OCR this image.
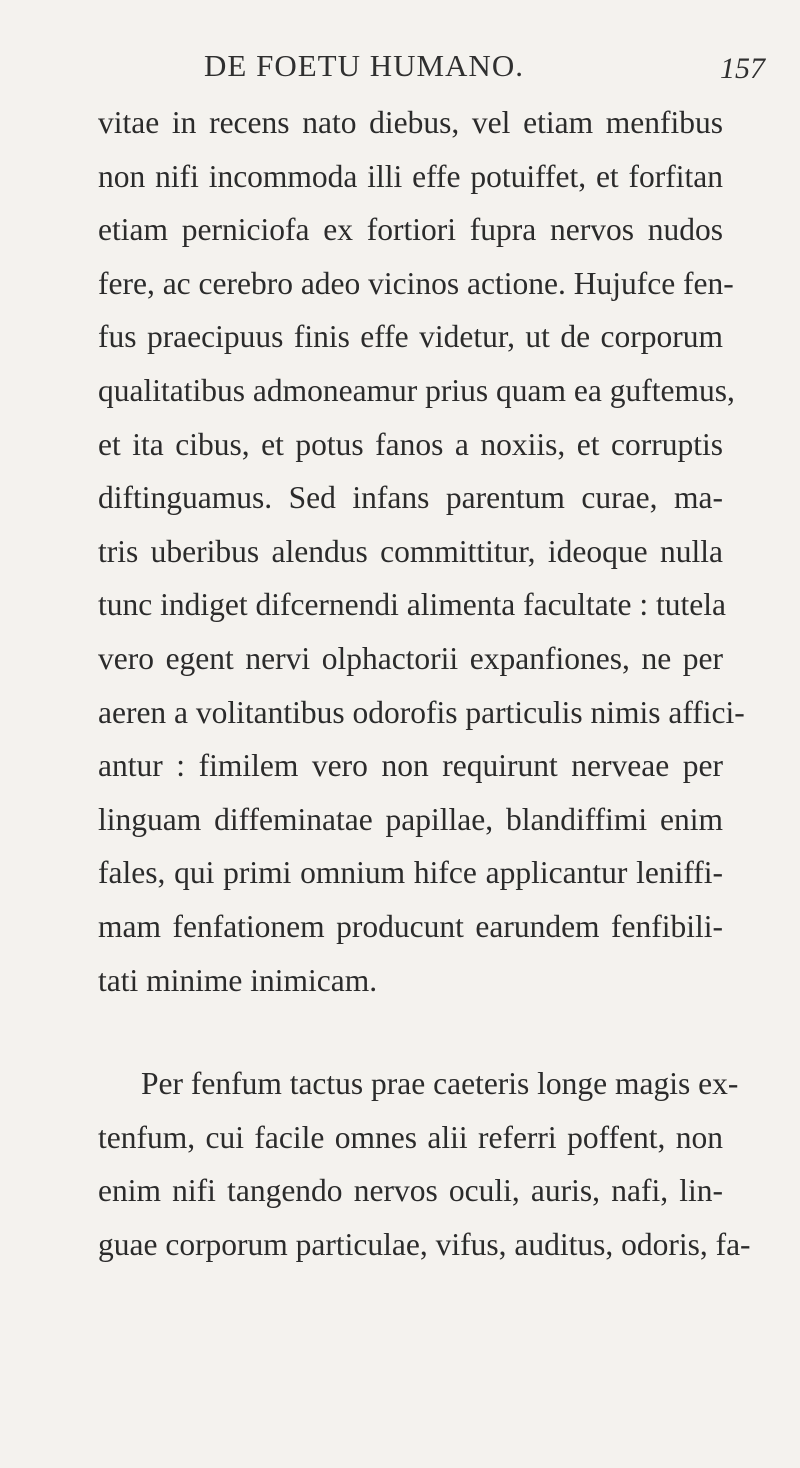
DE FOETU HUMANO.	157
vitae in recens nato diebus, vel etiam menfibus
non nifi incommoda illi effe potuiffet, et forfitan
etiam perniciofa ex fortiori fupra nervos nudos
fere, ac cerebro adeo vicinos actione. Hujufce fen-
fus praecipuus finis effe videtur, ut de corporum
qualitatibus admoneamur prius quam ea guftemus,
et ita cibus, et potus fanos a noxiis, et corruptis
diftinguamus. Sed infans parentum curae, ma-
tris uberibus alendus committitur, ideoque nulla
tunc indiget difcernendi alimenta facultate : tutela
vero egent nervi olphactorii expanfiones, ne per
aeren a volitantibus odorofis particulis nimis affici-
antur : fimilem vero non requirunt nerveae per
linguam diffeminatae papillae, blandiffimi enim
fales, qui primi omnium hifce applicantur leniffi-
mam fenfationem producunt earundem fenfibili-
tati minime inimicam.
Per fenfum tactus prae caeteris longe magis ex-
tenfum, cui facile omnes alii referri poffent, non
enim nifi tangendo nervos oculi, auris, nafi, lin-
guae corporum particulae, vifus, auditus, odoris, fa-
